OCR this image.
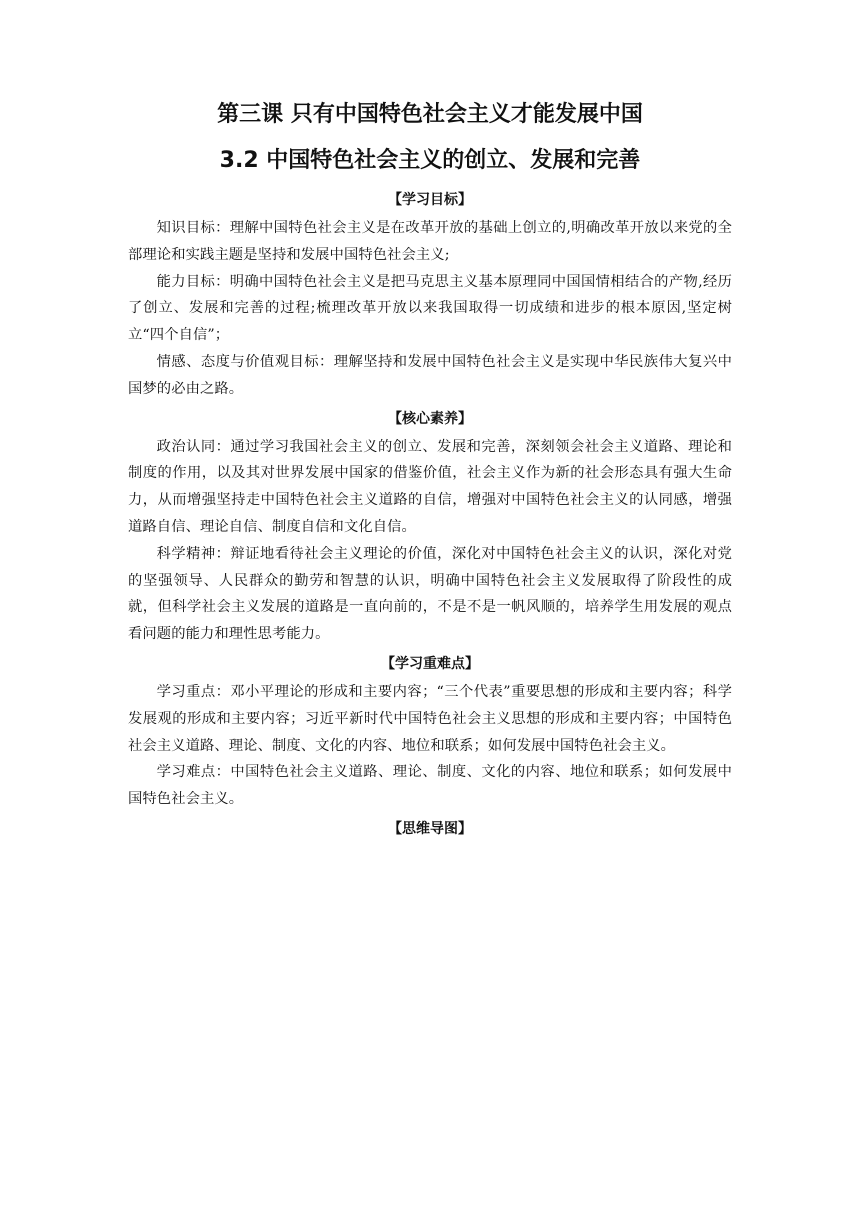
第三课 只有中国特色社会主义才能发展中国
3.2 中国特色社会主义的创立、发展和完善
【学习目标】

知识目标：理解中国特色社会主义是在改革开放的基础上创立的,明确改革开放以来党的全部理论和实践主题是坚持和发展中国特色社会主义;

能力目标：明确中国特色社会主义是把马克思主义基本原理同中国国情相结合的产物,经历了创立、发展和完善的过程;梳理改革开放以来我国取得一切成绩和进步的根本原因,坚定树立“四个自信”；

情感、态度与价值观目标：理解坚持和发展中国特色社会主义是实现中华民族伟大复兴中国梦的必由之路。

【核心素养】

政治认同：通过学习我国社会主义的创立、发展和完善，深刻领会社会主义道路、理论和制度的作用，以及其对世界发展中国家的借鉴价值，社会主义作为新的社会形态具有强大生命力，从而增强坚持走中国特色社会主义道路的自信，增强对中国特色社会主义的认同感，增强道路自信、理论自信、制度自信和文化自信。

科学精神：辩证地看待社会主义理论的价值，深化对中国特色社会主义的认识，深化对党的坚强领导、人民群众的勤劳和智慧的认识，明确中国特色社会主义发展取得了阶段性的成就，但科学社会主义发展的道路是一直向前的，不是不是一帆风顺的，培养学生用发展的观点看问题的能力和理性思考能力。

【学习重难点】

学习重点：邓小平理论的形成和主要内容；“三个代表”重要思想的形成和主要内容；科学发展观的形成和主要内容；习近平新时代中国特色社会主义思想的形成和主要内容；中国特色社会主义道路、理论、制度、文化的内容、地位和联系；如何发展中国特色社会主义。

学习难点：中国特色社会主义道路、理论、制度、文化的内容、地位和联系；如何发展中国特色社会主义。

【思维导图】
